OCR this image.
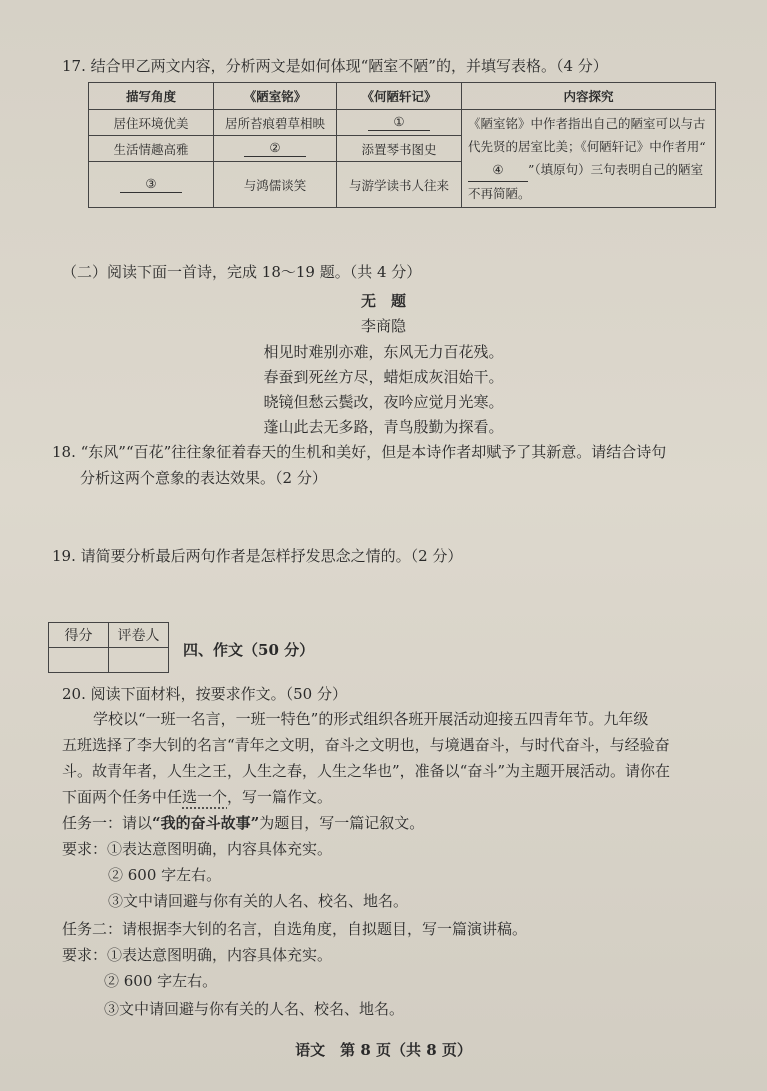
17. 结合甲乙两文内容，分析两文是如何体现“陋室不陋”的，并填写表格。（4 分）
描写角度	《陋室铭》	《何陋轩记》	内容探究
居住环境优美	居所苔痕碧草相映	①	《陋室铭》中作者指出自己的陋室可以与古代先贤的居室比美；《何陋轩记》中作者用“④ ”（填原句）三句表明自己的陋室不再简陋。
生活情趣高雅	②	添置琴书图史	
③	与鸿儒谈笑	与游学读书人往来	
（二）阅读下面一首诗，完成 18～19 题。（共 4 分）
无　题
李商隐
相见时难别亦难，东风无力百花残。
春蚕到死丝方尽，蜡炬成灰泪始干。
晓镜但愁云鬓改，夜吟应觉月光寒。
蓬山此去无多路，青鸟殷勤为探看。
18. “东风”“百花”往往象征着春天的生机和美好，但是本诗作者却赋予了其新意。请结合诗句
分析这两个意象的表达效果。（2 分）
19. 请简要分析最后两句作者是怎样抒发思念之情的。（2 分）
得分	评卷人

四、作文（50 分）
20. 阅读下面材料，按要求作文。（50 分）
学校以“一班一名言，一班一特色”的形式组织各班开展活动迎接五四青年节。九年级
五班选择了李大钊的名言“青年之文明，奋斗之文明也，与境遇奋斗，与时代奋斗，与经验奋
斗。故青年者，人生之王，人生之春，人生之华也”，准备以“奋斗”为主题开展活动。请你在
下面两个任务中任选一个，写一篇作文。
任务一：请以“我的奋斗故事”为题目，写一篇记叙文。
要求：①表达意图明确，内容具体充实。
② 600 字左右。
③文中请回避与你有关的人名、校名、地名。
任务二：请根据李大钊的名言，自选角度，自拟题目，写一篇演讲稿。
要求：①表达意图明确，内容具体充实。
② 600 字左右。
③文中请回避与你有关的人名、校名、地名。
语文　第 8 页（共 8 页）
